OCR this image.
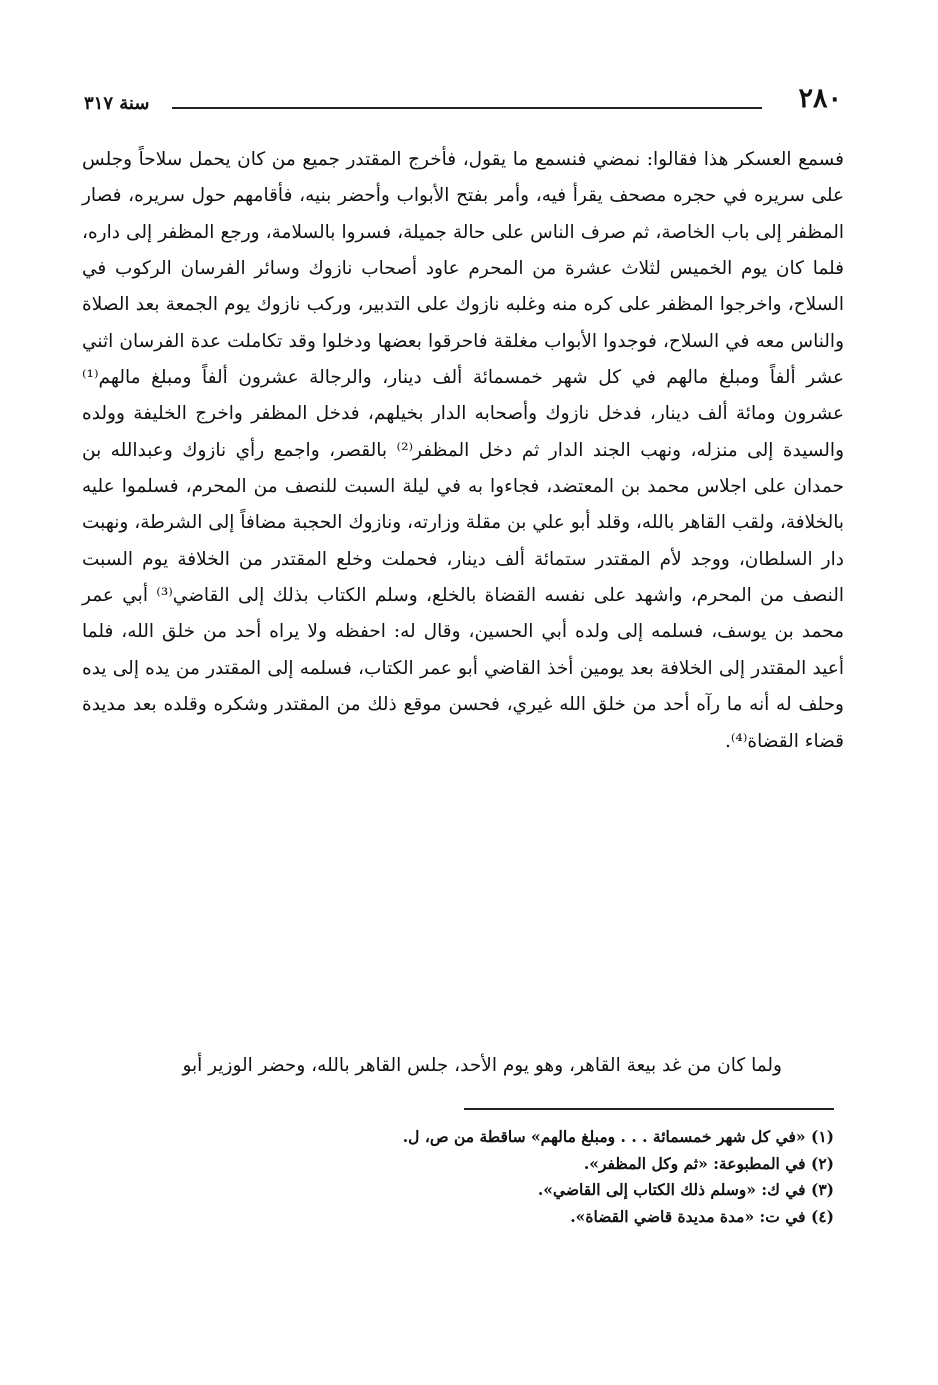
٢٨٠
سنة ٣١٧

فسمع العسكر هذا فقالوا: نمضي فنسمع ما يقول، فأخرج المقتدر جميع من كان يحمل سلاحاً وجلس على سريره في حجره مصحف يقرأ فيه، وأمر بفتح الأبواب وأحضر بنيه، فأقامهم حول سريره، فصار المظفر إلى باب الخاصة، ثم صرف الناس على حالة جميلة، فسروا بالسلامة، ورجع المظفر إلى داره، فلما كان يوم الخميس لثلاث عشرة من المحرم عاود أصحاب نازوك وسائر الفرسان الركوب في السلاح، واخرجوا المظفر على كره منه وغلبه نازوك على التدبير، وركب نازوك يوم الجمعة بعد الصلاة والناس معه في السلاح، فوجدوا الأبواب مغلقة فاحرقوا بعضها ودخلوا وقد تكاملت عدة الفرسان اثني عشر ألفاً ومبلغ مالهم في كل شهر خمسمائة ألف دينار، والرجالة عشرون ألفاً ومبلغ مالهم⁽¹⁾ عشرون ومائة ألف دينار، فدخل نازوك وأصحابه الدار بخيلهم، فدخل المظفر واخرج الخليفة وولده والسيدة إلى منزله، ونهب الجند الدار ثم دخل المظفر⁽²⁾ بالقصر، واجمع رأي نازوك وعبدالله بن حمدان على اجلاس محمد بن المعتضد، فجاءوا به في ليلة السبت للنصف من المحرم، فسلموا عليه بالخلافة، ولقب القاهر بالله، وقلد أبو علي بن مقلة وزارته، ونازوك الحجبة مضافاً إلى الشرطة، ونهبت دار السلطان، ووجد لأم المقتدر ستمائة ألف دينار، فحملت وخلع المقتدر من الخلافة يوم السبت النصف من المحرم، واشهد على نفسه القضاة بالخلع، وسلم الكتاب بذلك إلى القاضي⁽³⁾ أبي عمر محمد بن يوسف، فسلمه إلى ولده أبي الحسين، وقال له: احفظه ولا يراه أحد من خلق الله، فلما أعيد المقتدر إلى الخلافة بعد يومين أخذ القاضي أبو عمر الكتاب، فسلمه إلى المقتدر من يده إلى يده وحلف له أنه ما رآه أحد من خلق الله غيري، فحسن موقع ذلك من المقتدر وشكره وقلده بعد مديدة قضاء القضاة⁽⁴⁾.

ولما كان من غد بيعة القاهر، وهو يوم الأحد، جلس القاهر بالله، وحضر الوزير أبو
(١) «في كل شهر خمسمائة . . . ومبلغ مالهم» ساقطة من ص، ل.
(٢) في المطبوعة: «ثم وكل المظفر».
(٣) في ك: «وسلم ذلك الكتاب إلى القاضي».
(٤) في ت: «مدة مديدة قاضي القضاة».
